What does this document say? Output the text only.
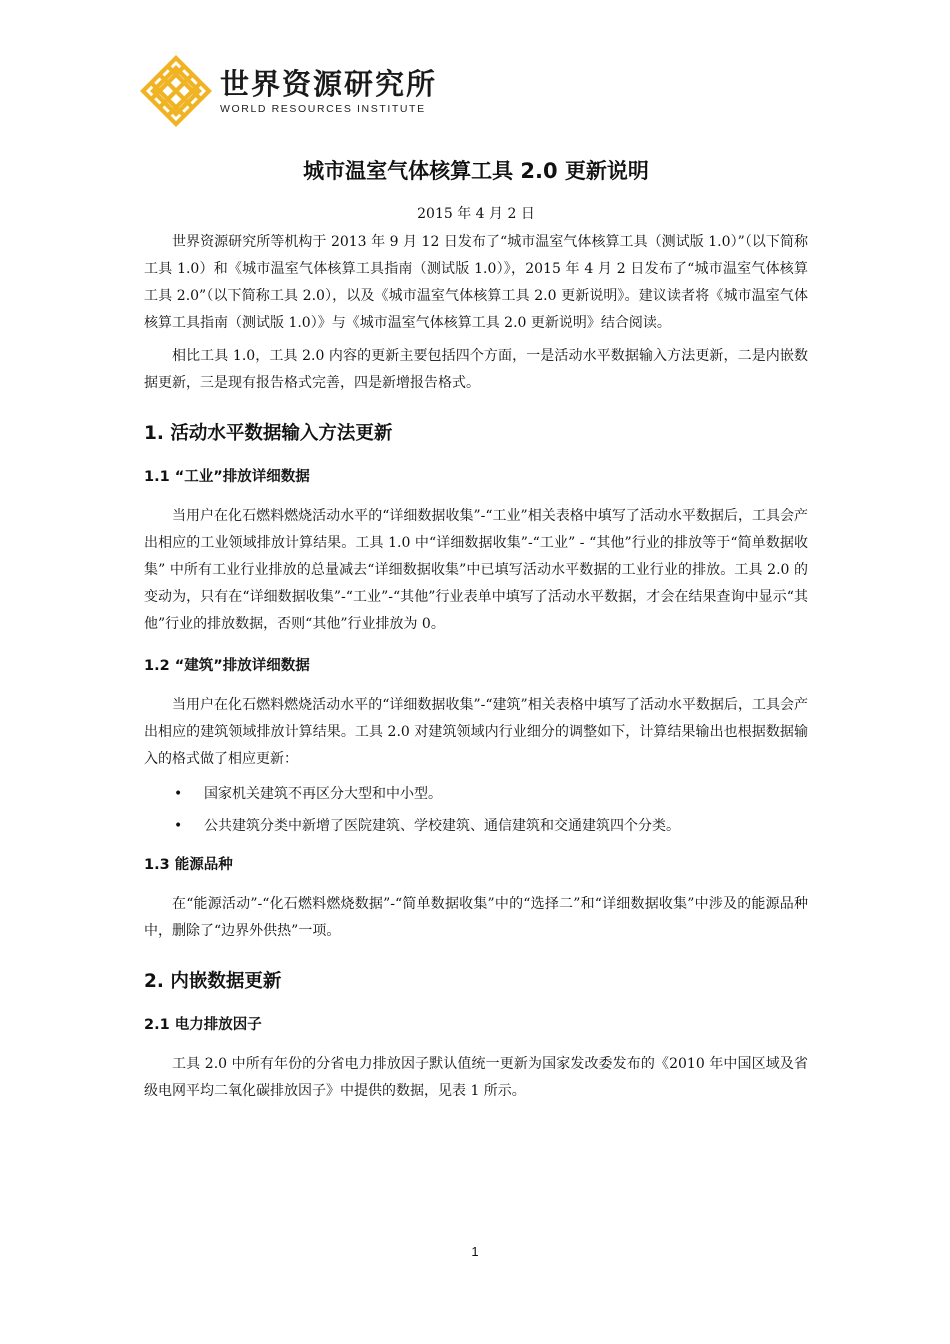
世界资源研究所
WORLD RESOURCES INSTITUTE
城市温室气体核算工具 2.0 更新说明
2015 年 4 月 2 日

世界资源研究所等机构于 2013 年 9 月 12 日发布了“城市温室气体核算工具（测试版 1.0）”（以下简称工具 1.0）和《城市温室气体核算工具指南（测试版 1.0）》，2015 年 4 月 2 日发布了“城市温室气体核算工具 2.0”（以下简称工具 2.0），以及《城市温室气体核算工具 2.0 更新说明》。建议读者将《城市温室气体核算工具指南（测试版 1.0）》与《城市温室气体核算工具 2.0 更新说明》结合阅读。

相比工具 1.0，工具 2.0 内容的更新主要包括四个方面，一是活动水平数据输入方法更新，二是内嵌数据更新，三是现有报告格式完善，四是新增报告格式。

1. 活动水平数据输入方法更新
1.1 “工业”排放详细数据

当用户在化石燃料燃烧活动水平的“详细数据收集”-“工业”相关表格中填写了活动水平数据后，工具会产出相应的工业领域排放计算结果。工具 1.0 中“详细数据收集”-“工业” - “其他”行业的排放等于“简单数据收集” 中所有工业行业排放的总量减去“详细数据收集”中已填写活动水平数据的工业行业的排放。工具 2.0 的变动为，只有在“详细数据收集”-“工业”-“其他”行业表单中填写了活动水平数据，才会在结果查询中显示“其他”行业的排放数据，否则“其他”行业排放为 0。

1.2 “建筑”排放详细数据

当用户在化石燃料燃烧活动水平的“详细数据收集”-“建筑”相关表格中填写了活动水平数据后，工具会产出相应的建筑领域排放计算结果。工具 2.0 对建筑领域内行业细分的调整如下，计算结果输出也根据数据输入的格式做了相应更新：

•	国家机关建筑不再区分大型和中小型。
•	公共建筑分类中新增了医院建筑、学校建筑、通信建筑和交通建筑四个分类。
1.3 能源品种

在“能源活动”-“化石燃料燃烧数据”-“简单数据收集”中的“选择二”和“详细数据收集”中涉及的能源品种中，删除了“边界外供热”一项。

2. 内嵌数据更新
2.1 电力排放因子

工具 2.0 中所有年份的分省电力排放因子默认值统一更新为国家发改委发布的《2010 年中国区域及省级电网平均二氧化碳排放因子》中提供的数据，见表 1 所示。

1
